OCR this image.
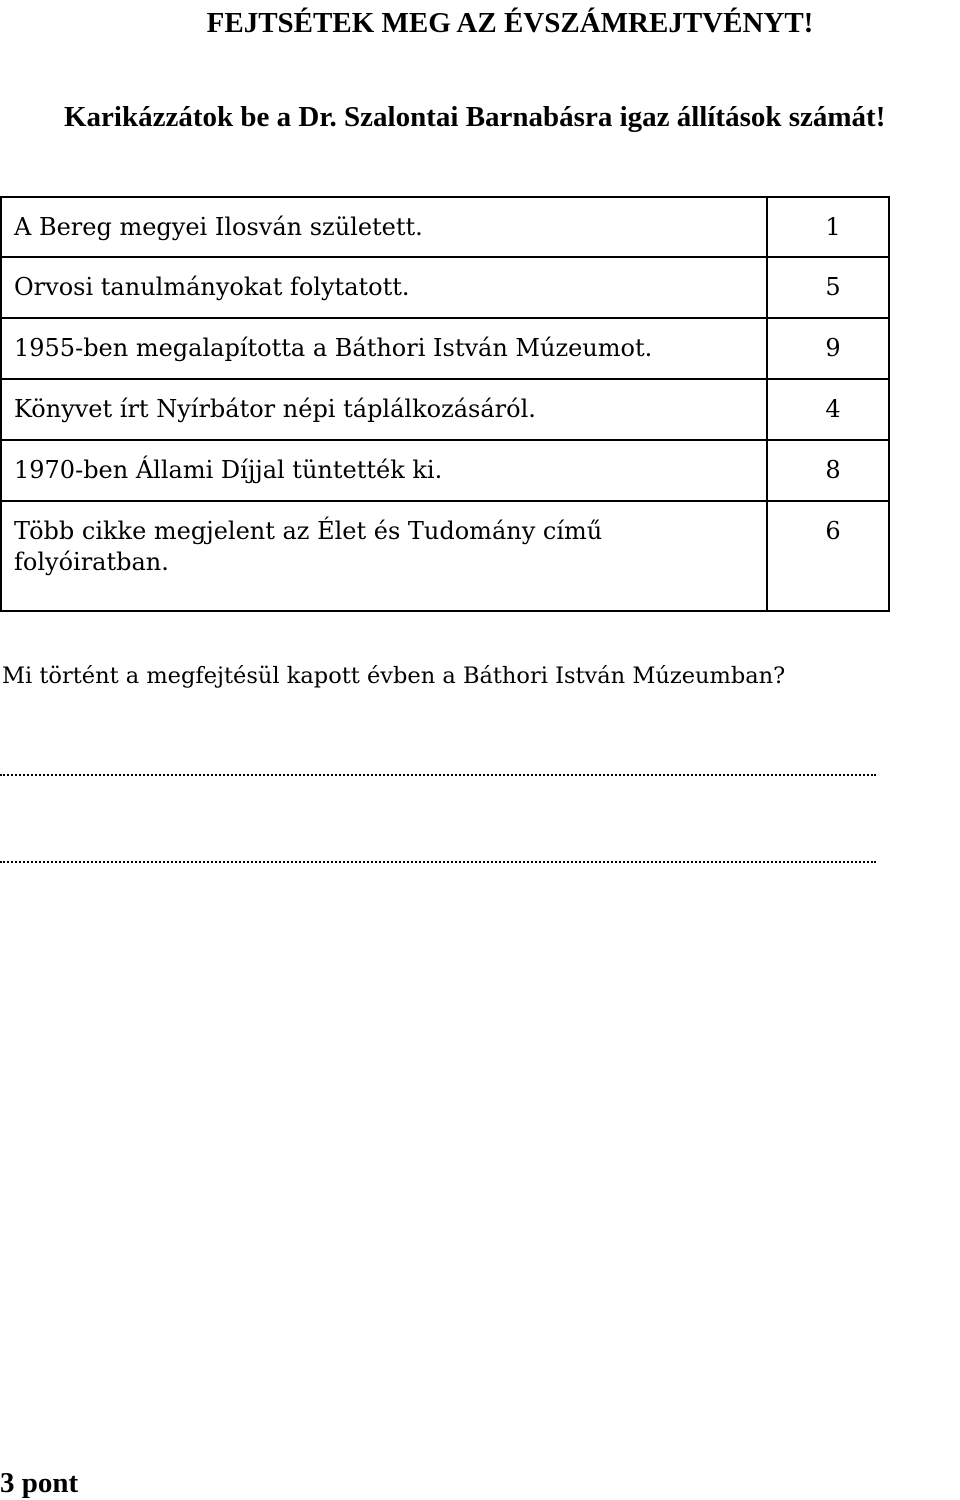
FEJTSÉTEK MEG AZ ÉVSZÁMREJTVÉNYT!

Karikázzátok be a Dr. Szalontai Barnabásra igaz állítások számát!

A Bereg megyei Ilosván született.	1
Orvosi tanulmányokat folytatott.	5
1955-ben megalapította a Báthori István Múzeumot.	9
Könyvet írt Nyírbátor népi táplálkozásáról.	4
1970-ben Állami Díjjal tüntették ki.	8
Több cikke megjelent az Élet és Tudomány című folyóiratban.	6

Mi történt a megfejtésül kapott évben a Báthori István Múzeumban?

3 pont
